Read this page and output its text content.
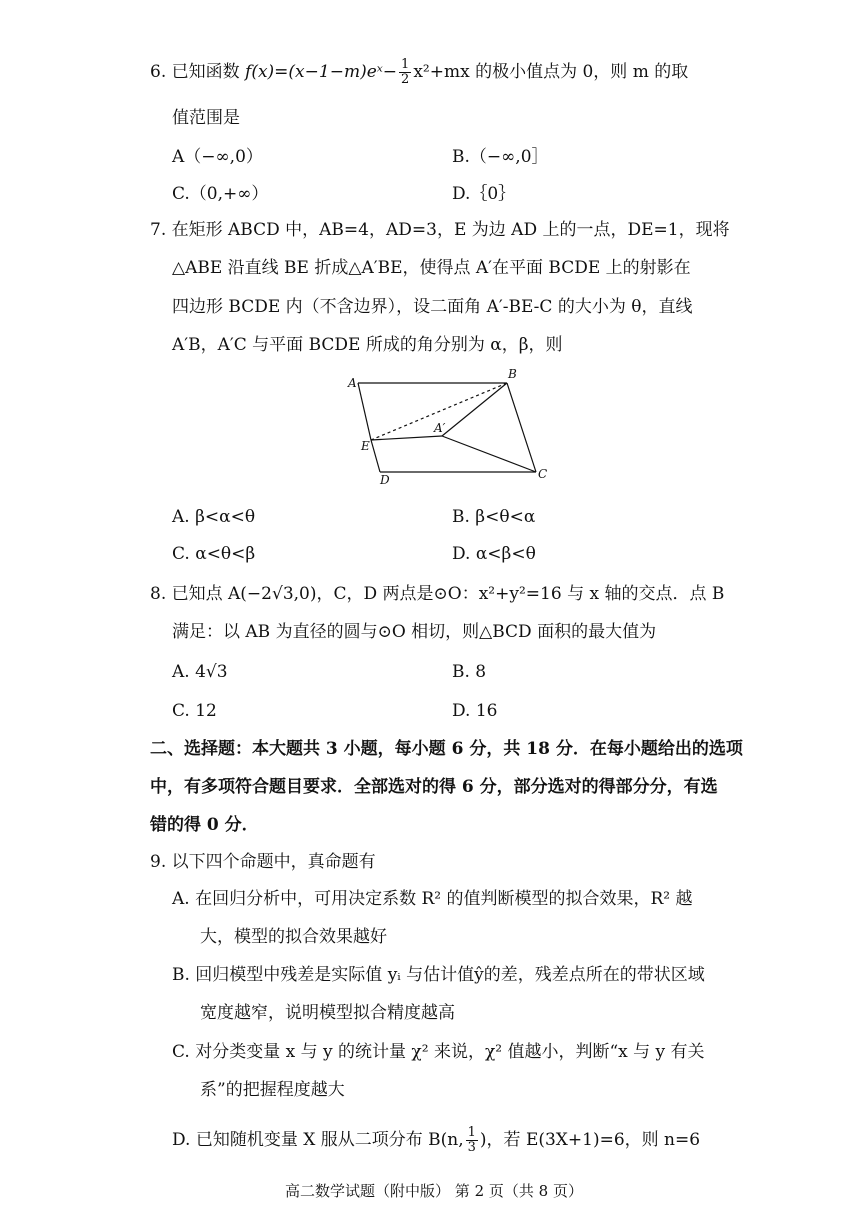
6. 已知函数 f(x)=(x−1−m)eˣ− $\frac{1}{2} x^2+mx$ 的极小值点为 0，则 m 的取
值范围是
A（−∞,0）	B.（−∞,0］
C.（0,+∞）	D.｛0｝
7. 在矩形 ABCD 中，AB=4，AD=3，E 为边 AD 上的一点，DE=1，现将
△ABE 沿直线 BE 折成△A′BE，使得点 A′在平面 BCDE 上的射影在
四边形 BCDE 内（不含边界），设二面角 A′-BE-C 的大小为 θ，直线
A′B，A′C 与平面 BCDE 所成的角分别为 α，β，则
A
B
A′
E
D	C
A. β<α<θ	B. β<θ<α
C. α<θ<β	D. α<β<θ
8. 已知点 A(−2√3,0)，C，D 两点是⊙O：x²+y²=16 与 x 轴的交点．点 B
满足：以 AB 为直径的圆与⊙O 相切，则△BCD 面积的最大值为
A. 4√3	B. 8
C. 12	D. 16
二、选择题：本大题共 3 小题，每小题 6 分，共 18 分．在每小题给出的选项
中，有多项符合题目要求．全部选对的得 6 分，部分选对的得部分分，有选
错的得 0 分．
9. 以下四个命题中，真命题有
A. 在回归分析中，可用决定系数 R² 的值判断模型的拟合效果，R² 越
大，模型的拟合效果越好
B. 回归模型中残差是实际值 yᵢ 与估计值ŷ的差，残差点所在的带状区域
宽度越窄，说明模型拟合精度越高
C. 对分类变量 x 与 y 的统计量 χ² 来说，χ² 值越小，判断“x 与 y 有关
系”的把握程度越大
D. 已知随机变量 X 服从二项分布 B(n, $\frac{1}{3}$ )，若 E(3X+1)=6，则 n=6
高二数学试题（附中版） 第 2 页（共 8 页）
